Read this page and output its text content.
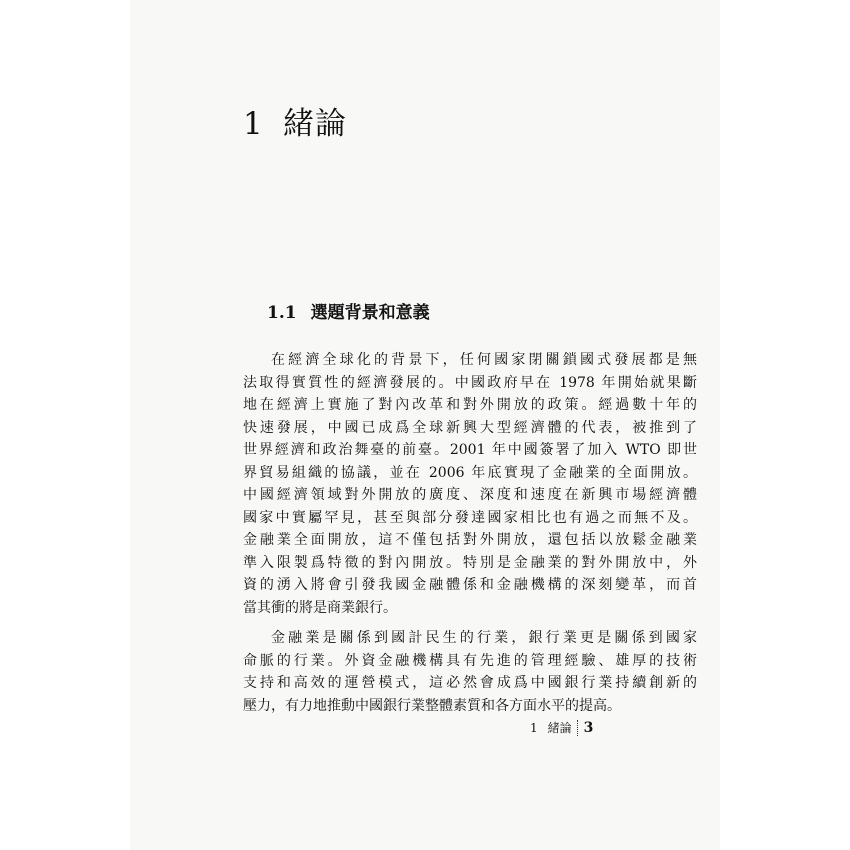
1 緒論
1.1 選題背景和意義
在經濟全球化的背景下，任何國家閉關鎖國式發展都是無
法取得實質性的經濟發展的。中國政府早在 1978 年開始就果斷
地在經濟上實施了對內改革和對外開放的政策。經過數十年的
快速發展，中國已成爲全球新興大型經濟體的代表，被推到了
世界經濟和政治舞臺的前臺。2001 年中國簽署了加入 WTO 即世
界貿易組織的協議，並在 2006 年底實現了金融業的全面開放。
中國經濟領域對外開放的廣度、深度和速度在新興市場經濟體
國家中實屬罕見，甚至與部分發達國家相比也有過之而無不及。
金融業全面開放，這不僅包括對外開放，還包括以放鬆金融業
準入限製爲特徵的對內開放。特別是金融業的對外開放中，外
資的湧入將會引發我國金融體係和金融機構的深刻變革，而首
當其衝的將是商業銀行。
金融業是關係到國計民生的行業，銀行業更是關係到國家
命脈的行業。外資金融機構具有先進的管理經驗、雄厚的技術
支持和高效的運營模式，這必然會成爲中國銀行業持續創新的
壓力，有力地推動中國銀行業整體素質和各方面水平的提高。
1 緒論 3
